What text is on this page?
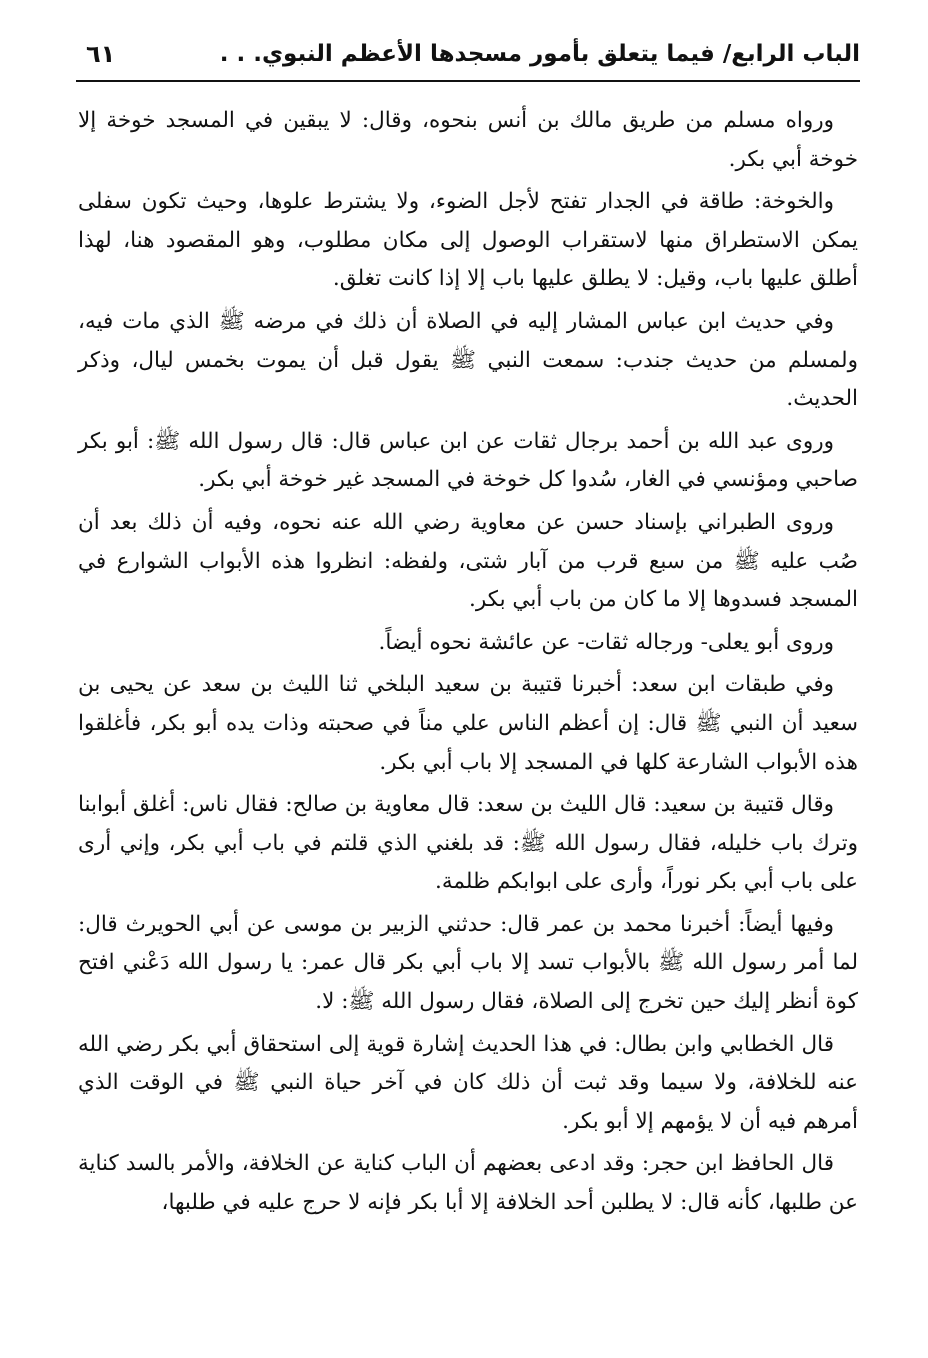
الباب الرابع/ فيما يتعلق بأمور مسجدها الأعظم النبوي. . .
٦١

ورواه مسلم من طريق مالك بن أنس بنحوه، وقال: لا يبقين في المسجد خوخة إلا خوخة أبي بكر.

والخوخة: طاقة في الجدار تفتح لأجل الضوء، ولا يشترط علوها، وحيث تكون سفلى يمكن الاستطراق منها لاستقراب الوصول إلى مكان مطلوب، وهو المقصود هنا، لهذا أطلق عليها باب، وقيل: لا يطلق عليها باب إلا إذا كانت تغلق.

وفي حديث ابن عباس المشار إليه في الصلاة أن ذلك في مرضه ﷺ الذي مات فيه، ولمسلم من حديث جندب: سمعت النبي ﷺ يقول قبل أن يموت بخمس ليال، وذكر الحديث.

وروى عبد الله بن أحمد برجال ثقات عن ابن عباس قال: قال رسول الله ﷺ: أبو بكر صاحبي ومؤنسي في الغار، سُدوا كل خوخة في المسجد غير خوخة أبي بكر.

وروى الطبراني بإسناد حسن عن معاوية رضي الله عنه نحوه، وفيه أن ذلك بعد أن صُب عليه ﷺ من سبع قرب من آبار شتى، ولفظه: انظروا هذه الأبواب الشوارع في المسجد فسدوها إلا ما كان من باب أبي بكر.

وروى أبو يعلى- ورجاله ثقات- عن عائشة نحوه أيضاً.

وفي طبقات ابن سعد: أخبرنا قتيبة بن سعيد البلخي ثنا الليث بن سعد عن يحيى بن سعيد أن النبي ﷺ قال: إن أعظم الناس علي مناً في صحبته وذات يده أبو بكر، فأغلقوا هذه الأبواب الشارعة كلها في المسجد إلا باب أبي بكر.

وقال قتيبة بن سعيد: قال الليث بن سعد: قال معاوية بن صالح: فقال ناس: أغلق أبوابنا وترك باب خليله، فقال رسول الله ﷺ: قد بلغني الذي قلتم في باب أبي بكر، وإني أرى على باب أبي بكر نوراً، وأرى على ابوابكم ظلمة.

وفيها أيضاً: أخبرنا محمد بن عمر قال: حدثني الزبير بن موسى عن أبي الحويرث قال: لما أمر رسول الله ﷺ بالأبواب تسد إلا باب أبي بكر قال عمر: يا رسول الله دَعْني افتح كوة أنظر إليك حين تخرج إلى الصلاة، فقال رسول الله ﷺ: لا.

قال الخطابي وابن بطال: في هذا الحديث إشارة قوية إلى استحقاق أبي بكر رضي الله عنه للخلافة، ولا سيما وقد ثبت أن ذلك كان في آخر حياة النبي ﷺ في الوقت الذي أمرهم فيه أن لا يؤمهم إلا أبو بكر.

قال الحافظ ابن حجر: وقد ادعى بعضهم أن الباب كناية عن الخلافة، والأمر بالسد كناية عن طلبها، كأنه قال: لا يطلبن أحد الخلافة إلا أبا بكر فإنه لا حرج عليه في طلبها،
